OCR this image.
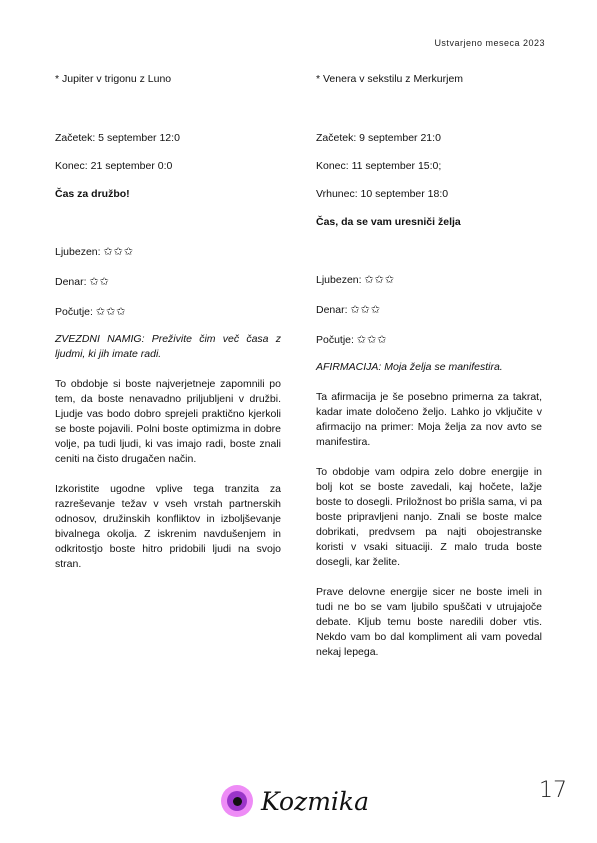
Ustvarjeno meseca 2023

* Jupiter v trigonu z Luno

Začetek: 5 september 12:0

Konec: 21 september 0:0

Čas za družbo!

Ljubezen: ✩✩✩

Denar: ✩✩

Počutje: ✩✩✩

ZVEZDNI NAMIG: Preživite čim več časa z ljudmi, ki jih imate radi.

To obdobje si boste najverjetneje zapomnili po tem, da boste nenavadno priljubljeni v družbi. Ljudje vas bodo dobro sprejeli praktično kjerkoli se boste pojavili. Polni boste optimizma in dobre volje, pa tudi ljudi, ki vas imajo radi, boste znali ceniti na čisto drugačen način.

Izkoristite ugodne vplive tega tranzita za razreševanje težav v vseh vrstah partnerskih odnosov, družinskih konfliktov in izboljševanje bivalnega okolja. Z iskrenim navdušenjem in odkritostjo boste hitro pridobili ljudi na svojo stran.

* Venera v sekstilu z Merkurjem

Začetek: 9 september 21:0

Konec: 11 september 15:0;

Vrhunec: 10 september 18:0

Čas, da se vam uresniči želja

Ljubezen: ✩✩✩

Denar: ✩✩✩

Počutje: ✩✩✩

AFIRMACIJA: Moja želja se manifestira.

Ta afirmacija je še posebno primerna za takrat, kadar imate določeno željo. Lahko jo vključite v afirmacijo na primer: Moja želja za nov avto se manifestira.

To obdobje vam odpira zelo dobre energije in bolj kot se boste zavedali, kaj hočete, lažje boste to dosegli. Priložnost bo prišla sama, vi pa boste pripravljeni nanjo. Znali se boste malce dobrikati, predvsem pa najti obojestranske koristi v vsaki situaciji. Z malo truda boste dosegli, kar želite.

Prave delovne energije sicer ne boste imeli in tudi ne bo se vam ljubilo spuščati v utrujajoče debate. Kljub temu boste naredili dober vtis. Nekdo vam bo dal kompliment ali vam povedal nekaj lepega.

Kozmika	17
